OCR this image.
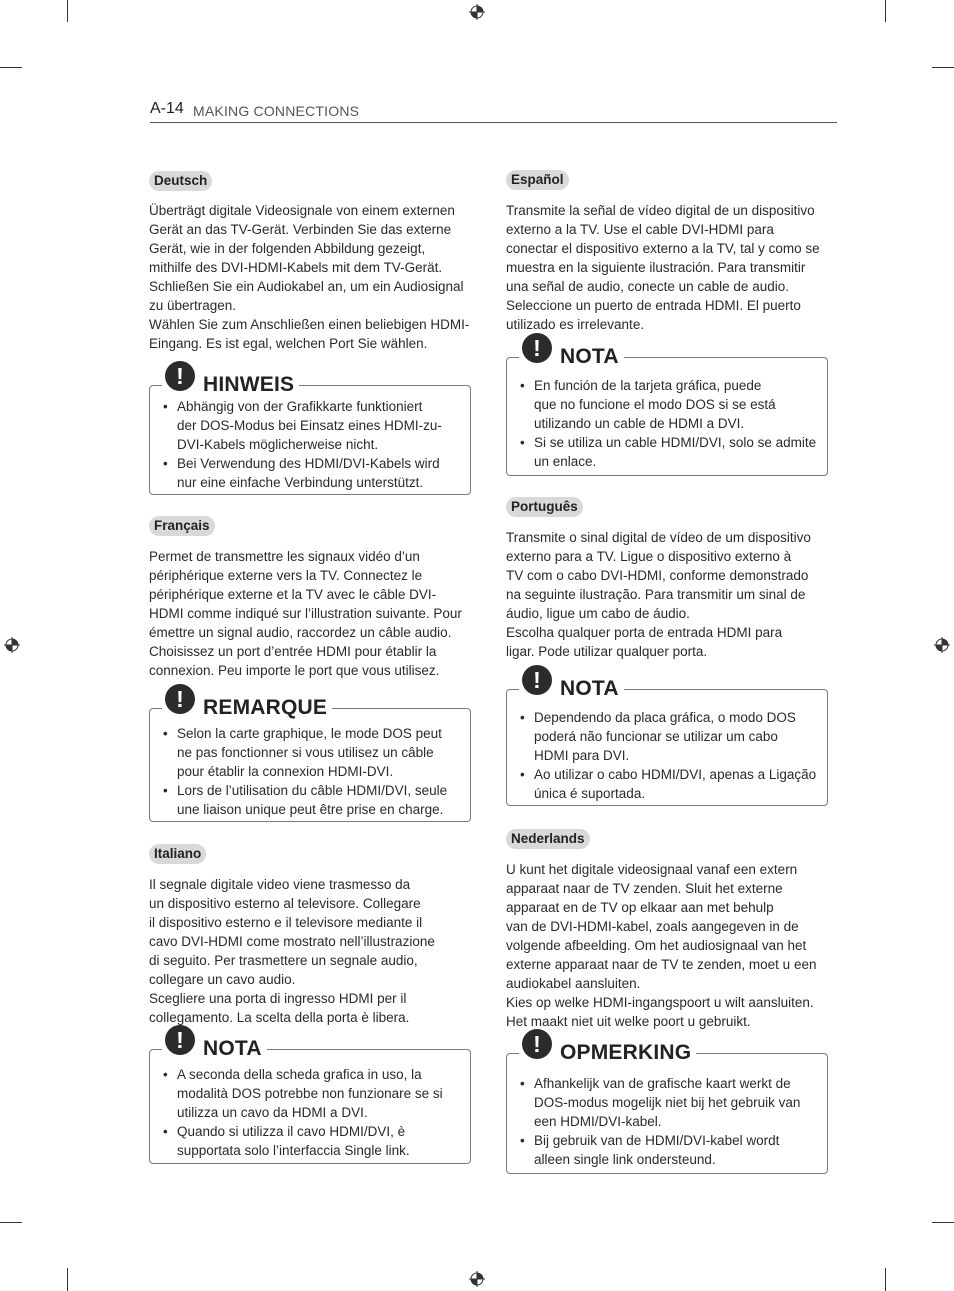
A-14 MAKING CONNECTIONS
Deutsch
Überträgt digitale Videosignale von einem externen
Gerät an das TV-Gerät. Verbinden Sie das externe
Gerät, wie in der folgenden Abbildung gezeigt,
mithilfe des DVI-HDMI-Kabels mit dem TV-Gerät.
Schließen Sie ein Audiokabel an, um ein Audiosignal
zu übertragen.
Wählen Sie zum Anschließen einen beliebigen HDMI-
Eingang. Es ist egal, welchen Port Sie wählen.
!
HINWEIS
• Abhängig von der Grafikkarte funktioniert
der DOS-Modus bei Einsatz eines HDMI-zu-
DVI-Kabels möglicherweise nicht.
• Bei Verwendung des HDMI/DVI-Kabels wird
nur eine einfache Verbindung unterstützt.
Français
Permet de transmettre les signaux vidéo d’un
périphérique externe vers la TV. Connectez le
périphérique externe et la TV avec le câble DVI-
HDMI comme indiqué sur l’illustration suivante. Pour
émettre un signal audio, raccordez un câble audio.
Choisissez un port d’entrée HDMI pour établir la
connexion. Peu importe le port que vous utilisez.
!
REMARQUE
• Selon la carte graphique, le mode DOS peut
ne pas fonctionner si vous utilisez un câble
pour établir la connexion HDMI-DVI.
• Lors de l’utilisation du câble HDMI/DVI, seule
une liaison unique peut être prise en charge.
Italiano
Il segnale digitale video viene trasmesso da
un dispositivo esterno al televisore. Collegare
il dispositivo esterno e il televisore mediante il
cavo DVI-HDMI come mostrato nell’illustrazione
di seguito. Per trasmettere un segnale audio,
collegare un cavo audio.
Scegliere una porta di ingresso HDMI per il
collegamento. La scelta della porta è libera.
!
NOTA
• A seconda della scheda grafica in uso, la
modalità DOS potrebbe non funzionare se si
utilizza un cavo da HDMI a DVI.
• Quando si utilizza il cavo HDMI/DVI, è
supportata solo l’interfaccia Single link.
Español
Transmite la señal de vídeo digital de un dispositivo
externo a la TV. Use el cable DVI-HDMI para
conectar el dispositivo externo a la TV, tal y como se
muestra en la siguiente ilustración. Para transmitir
una señal de audio, conecte un cable de audio.
Seleccione un puerto de entrada HDMI. El puerto
utilizado es irrelevante.
!
NOTA
• En función de la tarjeta gráfica, puede
que no funcione el modo DOS si se está
utilizando un cable de HDMI a DVI.
• Si se utiliza un cable HDMI/DVI, solo se admite
un enlace.
Português
Transmite o sinal digital de vídeo de um dispositivo
externo para a TV. Ligue o dispositivo externo à
TV com o cabo DVI-HDMI, conforme demonstrado
na seguinte ilustração. Para transmitir um sinal de
áudio, ligue um cabo de áudio.
Escolha qualquer porta de entrada HDMI para
ligar. Pode utilizar qualquer porta.
!
NOTA
• Dependendo da placa gráfica, o modo DOS
poderá não funcionar se utilizar um cabo
HDMI para DVI.
• Ao utilizar o cabo HDMI/DVI, apenas a Ligação
única é suportada.
Nederlands
U kunt het digitale videosignaal vanaf een extern
apparaat naar de TV zenden. Sluit het externe
apparaat en de TV op elkaar aan met behulp
van de DVI-HDMI-kabel, zoals aangegeven in de
volgende afbeelding. Om het audiosignaal van het
externe apparaat naar de TV te zenden, moet u een
audiokabel aansluiten.
Kies op welke HDMI-ingangspoort u wilt aansluiten.
Het maakt niet uit welke poort u gebruikt.
!
OPMERKING
• Afhankelijk van de grafische kaart werkt de
DOS-modus mogelijk niet bij het gebruik van
een HDMI/DVI-kabel.
• Bij gebruik van de HDMI/DVI-kabel wordt
alleen single link ondersteund.
